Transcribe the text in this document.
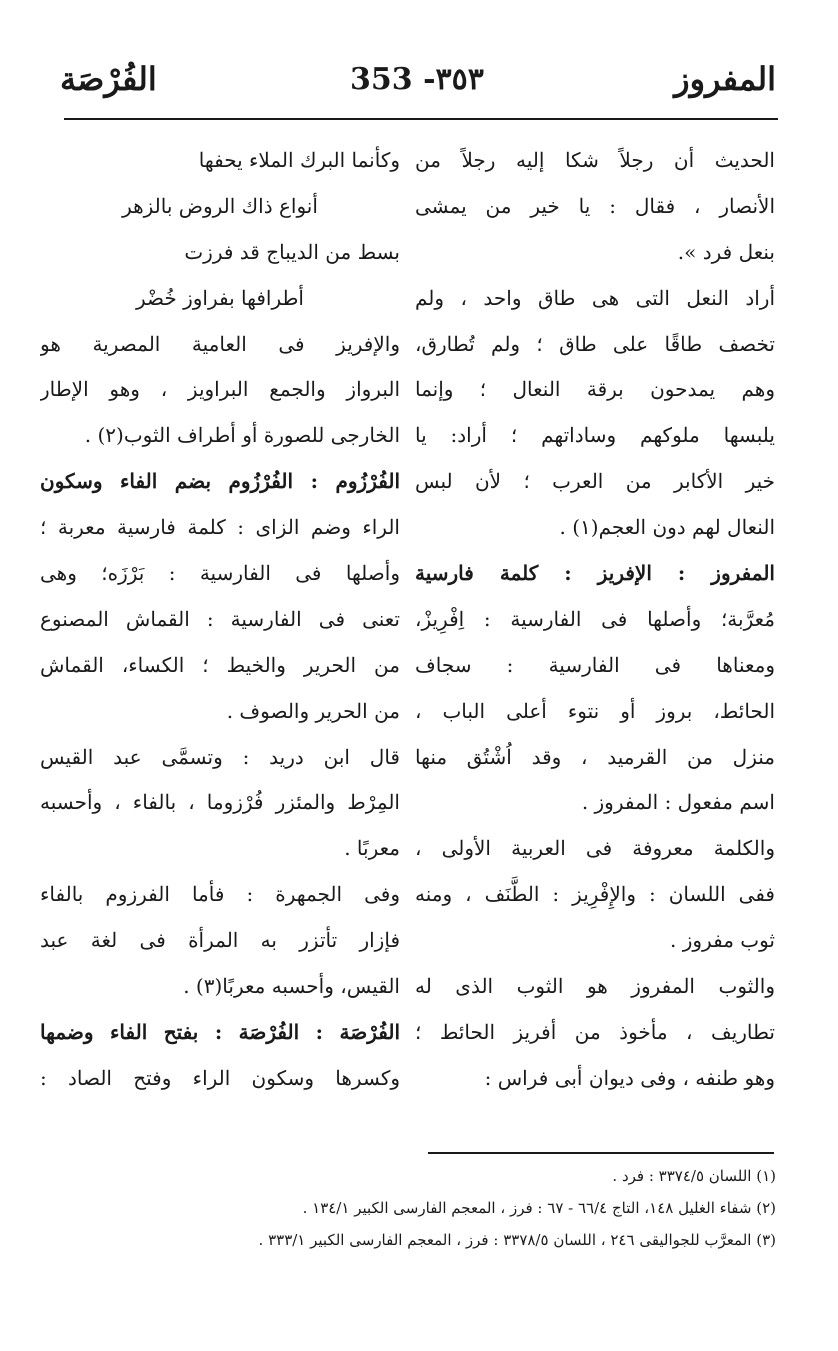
المفروز
353 -٣٥٣
الفُرْصَة
الحديث أن رجلاً شكا إليه رجلاً من
الأنصار ، فقال : يا خير من يمشى
بنعل فرد ».
أراد النعل التى هى طاق واحد ، ولم
تخصف طاقًا على طاق ؛ ولم تُطارق،
وهم يمدحون برقة النعال ؛ وإنما
يلبسها ملوكهم وساداتهم ؛ أراد: يا
خير الأكابر من العرب ؛ لأن لبس
النعال لهم دون العجم(١) .
المفروز : الإفريز : كلمة فارسية
مُعرَّبة؛ وأصلها فى الفارسية : اِفْرِيزْ،
ومعناها فى الفارسية : سجاف
الحائط، بروز أو نتوء أعلى الباب ،
منزل من القرميد ، وقد اُشْتُق منها
اسم مفعول : المفروز .
والكلمة معروفة فى العربية الأولى ،
ففى اللسان : والإِفْرِيز : الطَّنَف ، ومنه
ثوب مفروز .
والثوب المفروز هو الثوب الذى له
تطاريف ، مأخوذ من أفريز الحائط ؛
وهو طنفه ، وفى ديوان أبى فراس :
وكأنما البرك الملاء يحفها
أنواع ذاك الروض بالزهر
بسط من الديباج قد فرزت
أطرافها بفراوز خُضْر
والإفريز فى العامية المصرية هو
البرواز والجمع البراويز ، وهو الإطار
الخارجى للصورة أو أطراف الثوب(٢) .
الفُرْزُوم : الفُرْزُوم بضم الفاء وسكون
الراء وضم الزاى : كلمة فارسية معربة ؛
وأصلها فى الفارسية : بَرْزَه؛ وهى
تعنى فى الفارسية : القماش المصنوع
من الحرير والخيط ؛ الكساء، القماش
من الحرير والصوف .
قال ابن دريد : وتسمَّى عبد القيس
المِرْط والمئزر فُرْزوما ، بالفاء ، وأحسبه
معربًا .
وفى الجمهرة : فأما الفرزوم بالفاء
فإزار تأتزر به المرأة فى لغة عبد
القيس، وأحسبه معربًا(٣) .
الفُرْصَة : الفُرْصَة : بفتح الفاء وضمها
وكسرها وسكون الراء وفتح الصاد :
(١) اللسان ٣٣٧٤/٥ : فرد .
(٢) شفاء الغليل ١٤٨، التاج ٦٦/٤ - ٦٧ : فرز ، المعجم الفارسى الكبير ١٣٤/١ .
(٣) المعرَّب للجواليقى ٢٤٦ ، اللسان ٣٣٧٨/٥ : فرز ، المعجم الفارسى الكبير ٣٣٣/١ .
